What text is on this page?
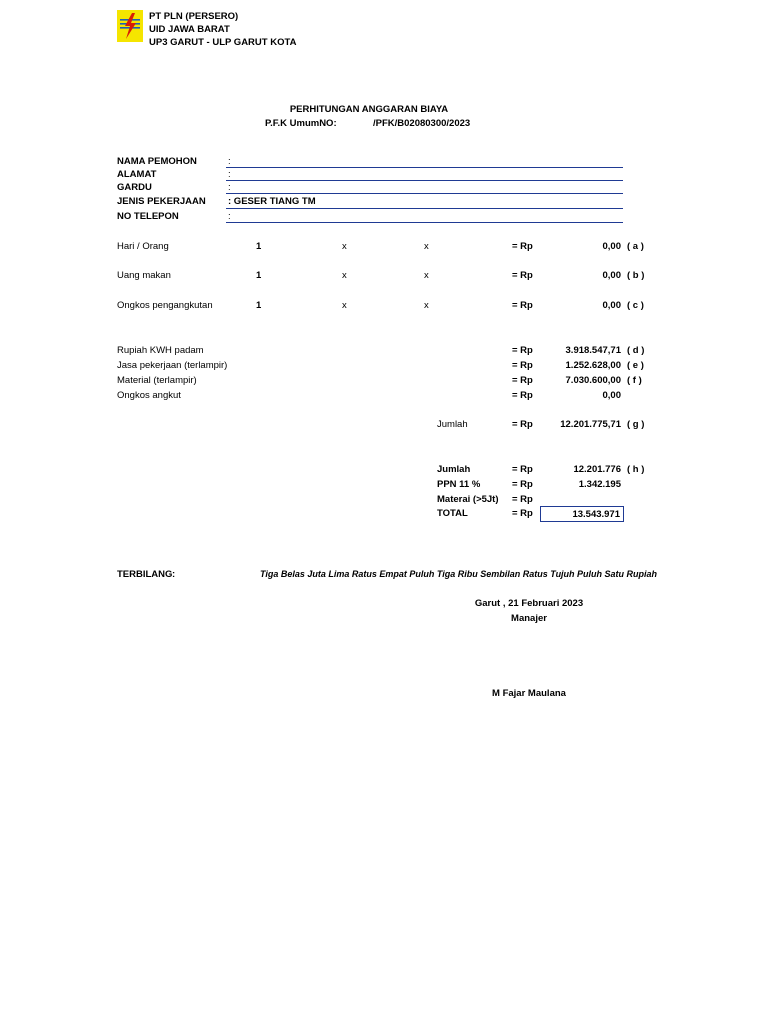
PT PLN (PERSERO)
UID JAWA BARAT
UP3 GARUT - ULP GARUT KOTA
PERHITUNGAN ANGGARAN BIAYA
P.F.K UmumNO:	/PFK/B02080300/2023
NAMA PEMOHON	:
ALAMAT	:
GARDU	:
JENIS PEKERJAAN : GESER TIANG TM
NO TELEPON	:
Hari / Orang	1	x	x	= Rp	0,00 ( a )
Uang makan	1	x	x	= Rp	0,00 ( b )
Ongkos pengangkutan	1	x	x	= Rp	0,00 ( c )
Rupiah KWH padam	= Rp	3.918.547,71 ( d )
Jasa pekerjaan (terlampir)	= Rp	1.252.628,00 ( e )
Material (terlampir)	= Rp	7.030.600,00 ( f )
Ongkos angkut	= Rp	0,00
Jumlah	= Rp	12.201.775,71 ( g )
Jumlah	= Rp	12.201.776 ( h )
PPN 11 %	= Rp	1.342.195
Materai (>5Jt) = Rp
TOTAL	= Rp	13.543.971
TERBILANG :	Tiga Belas Juta Lima Ratus Empat Puluh Tiga Ribu Sembilan Ratus Tujuh Puluh Satu Rupiah
Garut , 21 Februari 2023
Manajer
M Fajar Maulana
